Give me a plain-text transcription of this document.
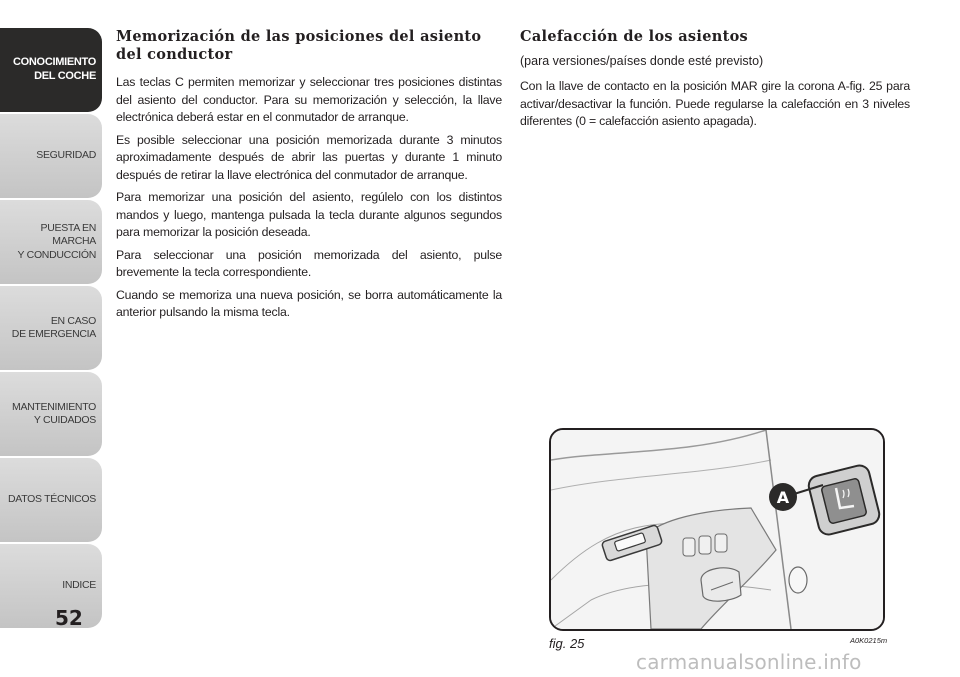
CONOCIMIENTO
DEL COCHE
SEGURIDAD
PUESTA EN MARCHA
Y CONDUCCIÓN
EN CASO
DE EMERGENCIA
MANTENIMIENTO
Y CUIDADOS
DATOS TÉCNICOS
INDICE
52
Memorización de las posiciones del asiento del conductor

Las teclas C permiten memorizar y seleccionar tres posiciones distintas del asiento del conductor. Para su memorización y selección, la llave electrónica deberá estar en el conmutador de arranque.

Es posible seleccionar una posición memorizada durante 3 minutos aproximadamente después de abrir las puertas y durante 1 minuto después de retirar la llave electrónica del conmutador de arranque.

Para memorizar una posición del asiento, regúlelo con los distintos mandos y luego, mantenga pulsada la tecla durante algunos segundos para memorizar la posición deseada.

Para seleccionar una posición memorizada del asiento, pulse brevemente la tecla correspondiente.

Cuando se memoriza una nueva posición, se borra automáticamente la anterior pulsando la misma tecla.

Calefacción de los asientos
(para versiones/países donde esté previsto)

Con la llave de contacto en la posición MAR gire la corona A-fig. 25 para activar/desactivar la función. Puede regularse la calefacción en 3 niveles diferentes (0 = calefacción asiento apagada).

A
fig. 25	A0K0215m
carmanualsonline.info
